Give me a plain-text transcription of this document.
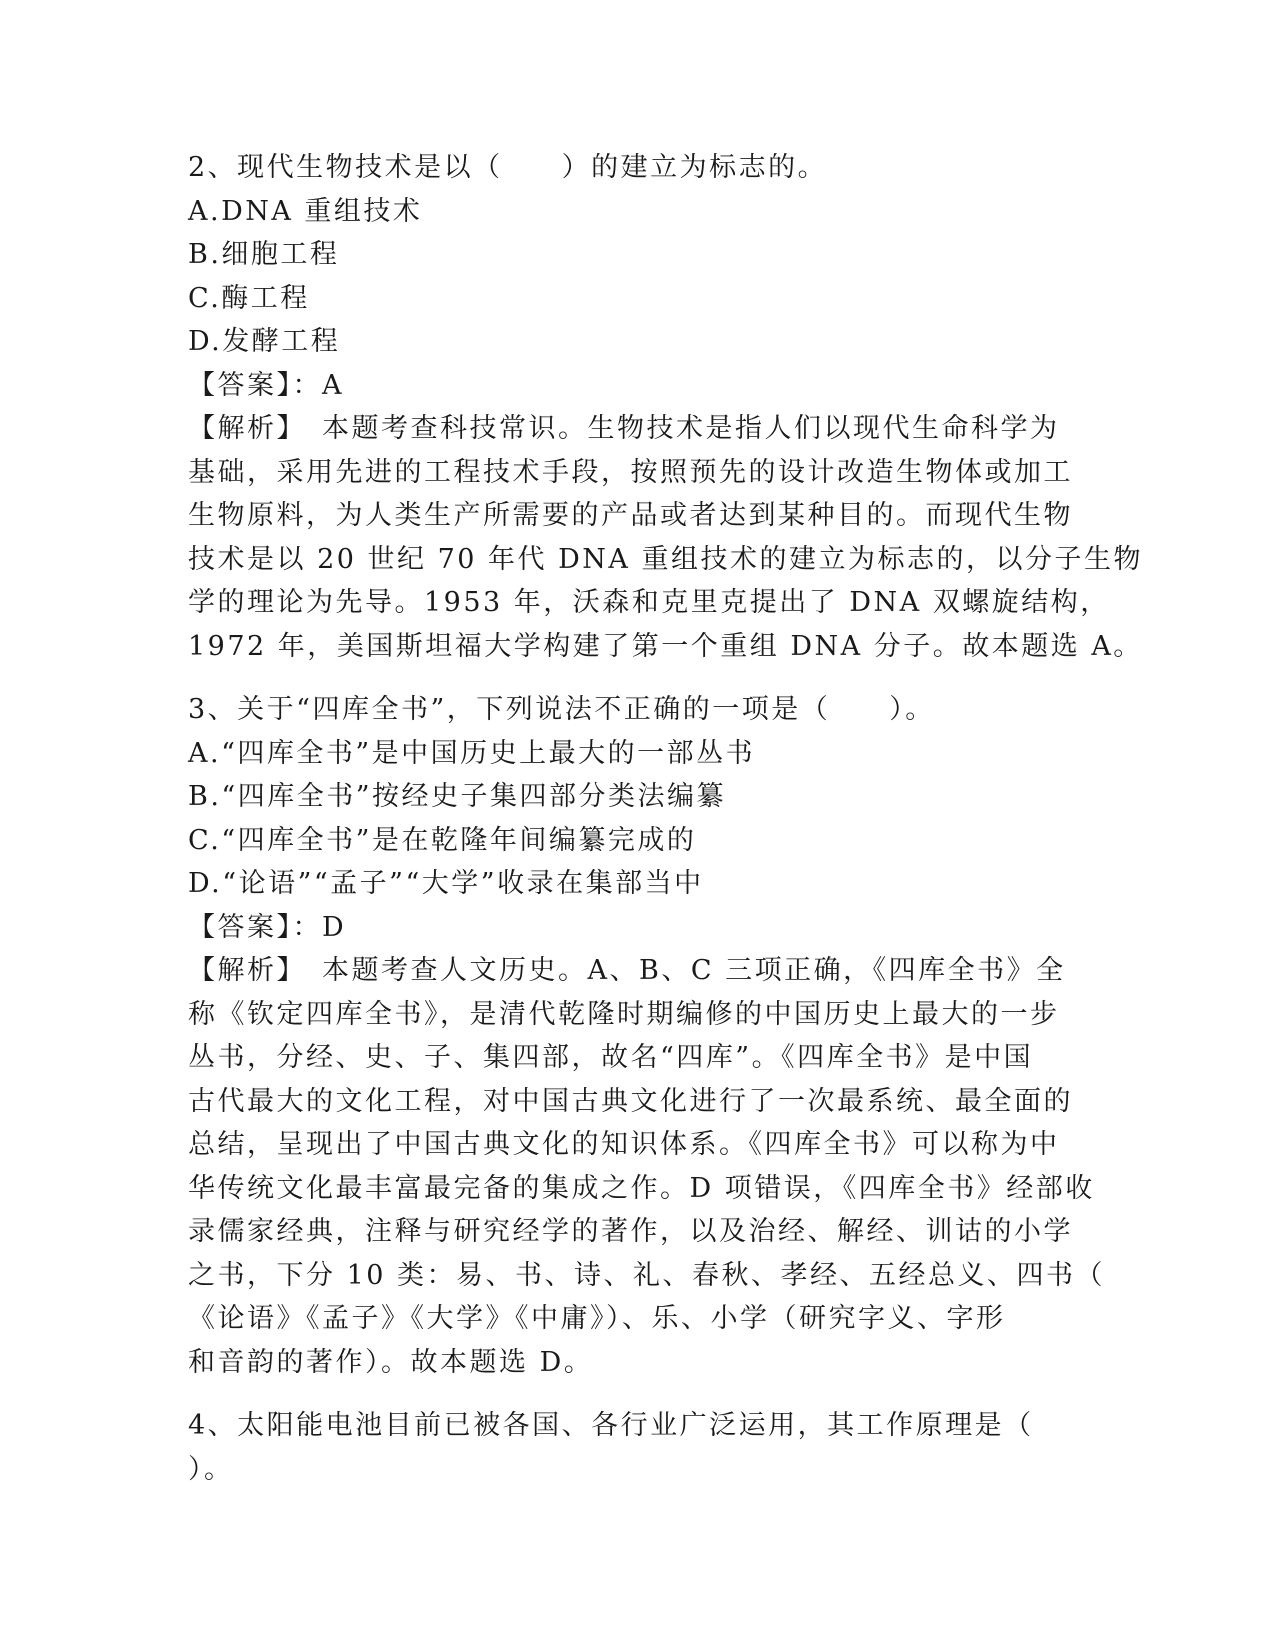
2、现代生物技术是以（　　）的建立为标志的。
A.DNA 重组技术
B.细胞工程
C.酶工程
D.发酵工程
【答案】：A
【解析】　本题考查科技常识。生物技术是指人们以现代生命科学为
基础，采用先进的工程技术手段，按照预先的设计改造生物体或加工
生物原料，为人类生产所需要的产品或者达到某种目的。而现代生物
技术是以 20 世纪 70 年代 DNA 重组技术的建立为标志的，以分子生物
学的理论为先导。1953 年，沃森和克里克提出了 DNA 双螺旋结构，
1972 年，美国斯坦福大学构建了第一个重组 DNA 分子。故本题选 A。
3、关于“四库全书”，下列说法不正确的一项是（　　）。
A.“四库全书”是中国历史上最大的一部丛书
B.“四库全书”按经史子集四部分类法编纂
C.“四库全书”是在乾隆年间编纂完成的
D.“论语”“孟子”“大学”收录在集部当中
【答案】：D
【解析】　本题考查人文历史。A、B、C 三项正确，《四库全书》全
称《钦定四库全书》，是清代乾隆时期编修的中国历史上最大的一步
丛书，分经、史、子、集四部，故名“四库”。《四库全书》是中国
古代最大的文化工程，对中国古典文化进行了一次最系统、最全面的
总结，呈现出了中国古典文化的知识体系。《四库全书》可以称为中
华传统文化最丰富最完备的集成之作。D 项错误，《四库全书》经部收
录儒家经典，注释与研究经学的著作，以及治经、解经、训诂的小学
之书，下分 10 类：易、书、诗、礼、春秋、孝经、五经总义、四书（
《论语》《孟子》《大学》《中庸》）、乐、小学（研究字义、字形
和音韵的著作）。故本题选 D。
4、太阳能电池目前已被各国、各行业广泛运用，其工作原理是（
）。
